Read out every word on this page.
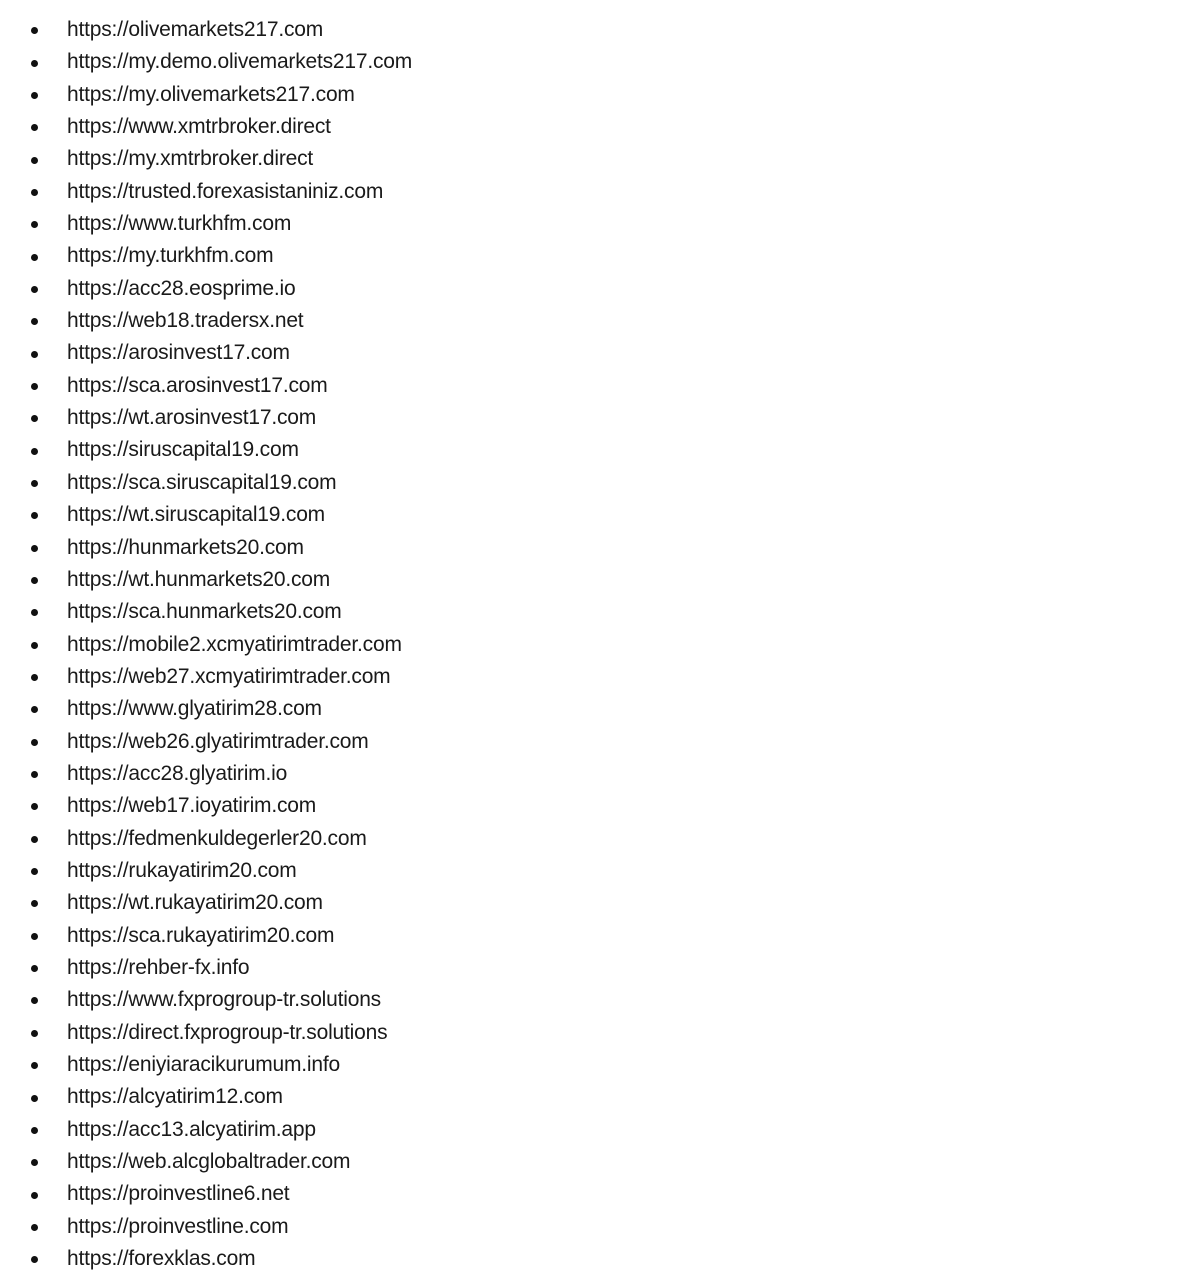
https://olivemarkets217.com
https://my.demo.olivemarkets217.com
https://my.olivemarkets217.com
https://www.xmtrbroker.direct
https://my.xmtrbroker.direct
https://trusted.forexasistaniniz.com
https://www.turkhfm.com
https://my.turkhfm.com
https://acc28.eosprime.io
https://web18.tradersx.net
https://arosinvest17.com
https://sca.arosinvest17.com
https://wt.arosinvest17.com
https://siruscapital19.com
https://sca.siruscapital19.com
https://wt.siruscapital19.com
https://hunmarkets20.com
https://wt.hunmarkets20.com
https://sca.hunmarkets20.com
https://mobile2.xcmyatirimtrader.com
https://web27.xcmyatirimtrader.com
https://www.glyatirim28.com
https://web26.glyatirimtrader.com
https://acc28.glyatirim.io
https://web17.ioyatirim.com
https://fedmenkuldegerler20.com
https://rukayatirim20.com
https://wt.rukayatirim20.com
https://sca.rukayatirim20.com
https://rehber-fx.info
https://www.fxprogroup-tr.solutions
https://direct.fxprogroup-tr.solutions
https://eniyiaracikurumum.info
https://alcyatirim12.com
https://acc13.alcyatirim.app
https://web.alcglobaltrader.com
https://proinvestline6.net
https://proinvestline.com
https://forexklas.com
